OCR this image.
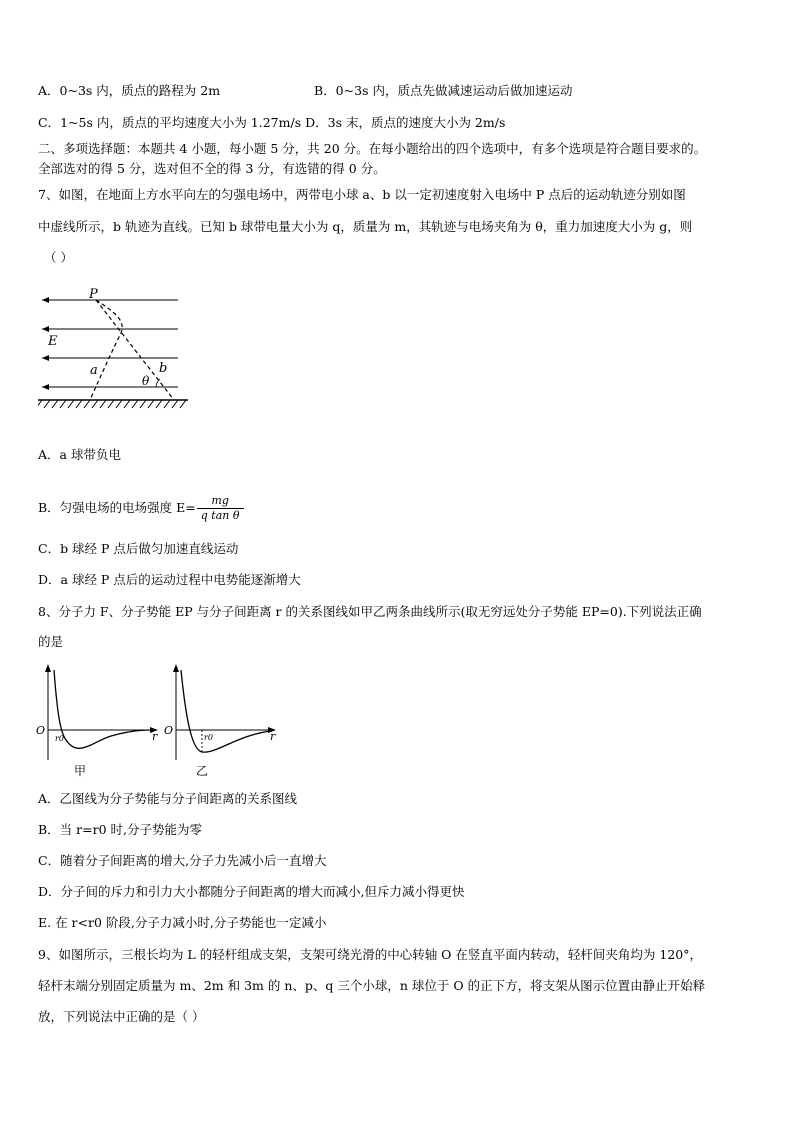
A．0~3s 内，质点的路程为 2m	B．0~3s 内，质点先做减速运动后做加速运动
C．1~5s 内，质点的平均速度大小为 1.27m/s D．3s 末，质点的速度大小为 2m/s
二、多项选择题：本题共 4 小题，每小题 5 分，共 20 分。在每小题给出的四个选项中，有多个选项是符合题目要求的。
全部选对的得 5 分，选对但不全的得 3 分，有选错的得 0 分。
7、如图，在地面上方水平向左的匀强电场中，两带电小球 a、b 以一定初速度射入电场中 P 点后的运动轨迹分别如图
中虚线所示，b 轨迹为直线。已知 b 球带电量大小为 q，质量为 m，其轨迹与电场夹角为 θ，重力加速度大小为 g，则
（ ）
P
E
a	b
θ
A．a 球带负电
B．匀强电场的电场强度 $E= \frac{mg}{\text{q tan θ}}$
C．b 球经 P 点后做匀加速直线运动
D．a 球经 P 点后的运动过程中电势能逐渐增大
8、分子力 F、分子势能 EP 与分子间距离 r 的关系图线如甲乙两条曲线所示(取无穷远处分子势能 EP=0).下列说法正确
的是
O
r0	r
甲
O
r0	r
乙
A．乙图线为分子势能与分子间距离的关系图线
B．当 r=r0 时,分子势能为零
C．随着分子间距离的增大,分子力先减小后一直增大
D．分子间的斥力和引力大小都随分子间距离的增大而减小,但斥力减小得更快
E. 在 r<r0 阶段,分子力减小时,分子势能也一定减小
9、如图所示，三根长均为 L 的轻杆组成支架，支架可绕光滑的中心转轴 O 在竖直平面内转动，轻杆间夹角均为 120°，
轻杆末端分别固定质量为 m、2m 和 3m 的 n、p、q 三个小球，n 球位于 O 的正下方，将支架从图示位置由静止开始释
放，下列说法中正确的是（ ）
